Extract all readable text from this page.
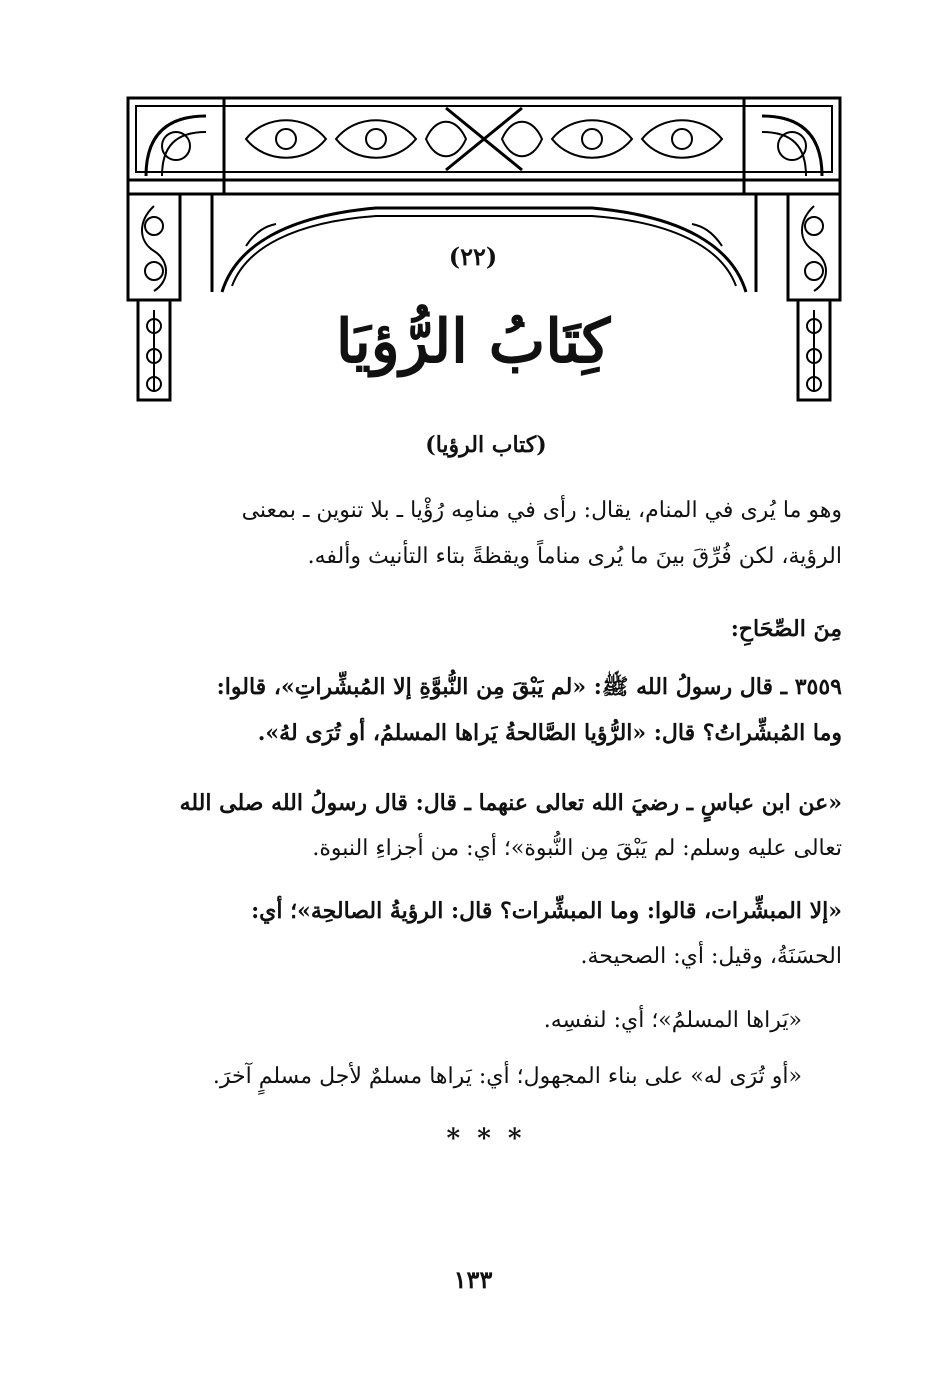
(٢٢)
كِتَابُ الرُّؤيَا
(كتاب الرؤيا)
وهو ما يُرى في المنام، يقال: رأى في منامِه رُؤْيا ـ بلا تنوين ـ بمعنى
الرؤية، لكن فُرِّقَ بينَ ما يُرى مناماً ويقظةً بتاء التأنيث وألفه.
مِنَ الصِّحَاحِ:
٣٥٥٩ ـ قال رسولُ الله ﷺ: «لم يَبْقَ مِن النُّبوَّةِ إلا المُبشِّراتِ»، قالوا:
وما المُبشِّراتُ؟ قال: «الرُّؤيا الصَّالحةُ يَراها المسلمُ، أو تُرَى لهُ».
«عن ابن عباسٍ ـ رضيَ الله تعالى عنهما ـ قال: قال رسولُ الله صلى الله
تعالى عليه وسلم: لم يَبْقَ مِن النُّبوة»؛ أي: من أجزاءِ النبوة.
«إلا المبشِّرات، قالوا: وما المبشِّرات؟ قال: الرؤيةُ الصالحِة»؛ أي:
الحسَنَةُ، وقيل: أي: الصحيحة.
«يَراها المسلمُ»؛ أي: لنفسِه.
«أو تُرَى له» على بناء المجهول؛ أي: يَراها مسلمٌ لأجل مسلمٍ آخرَ.
* * *
١٣٣
